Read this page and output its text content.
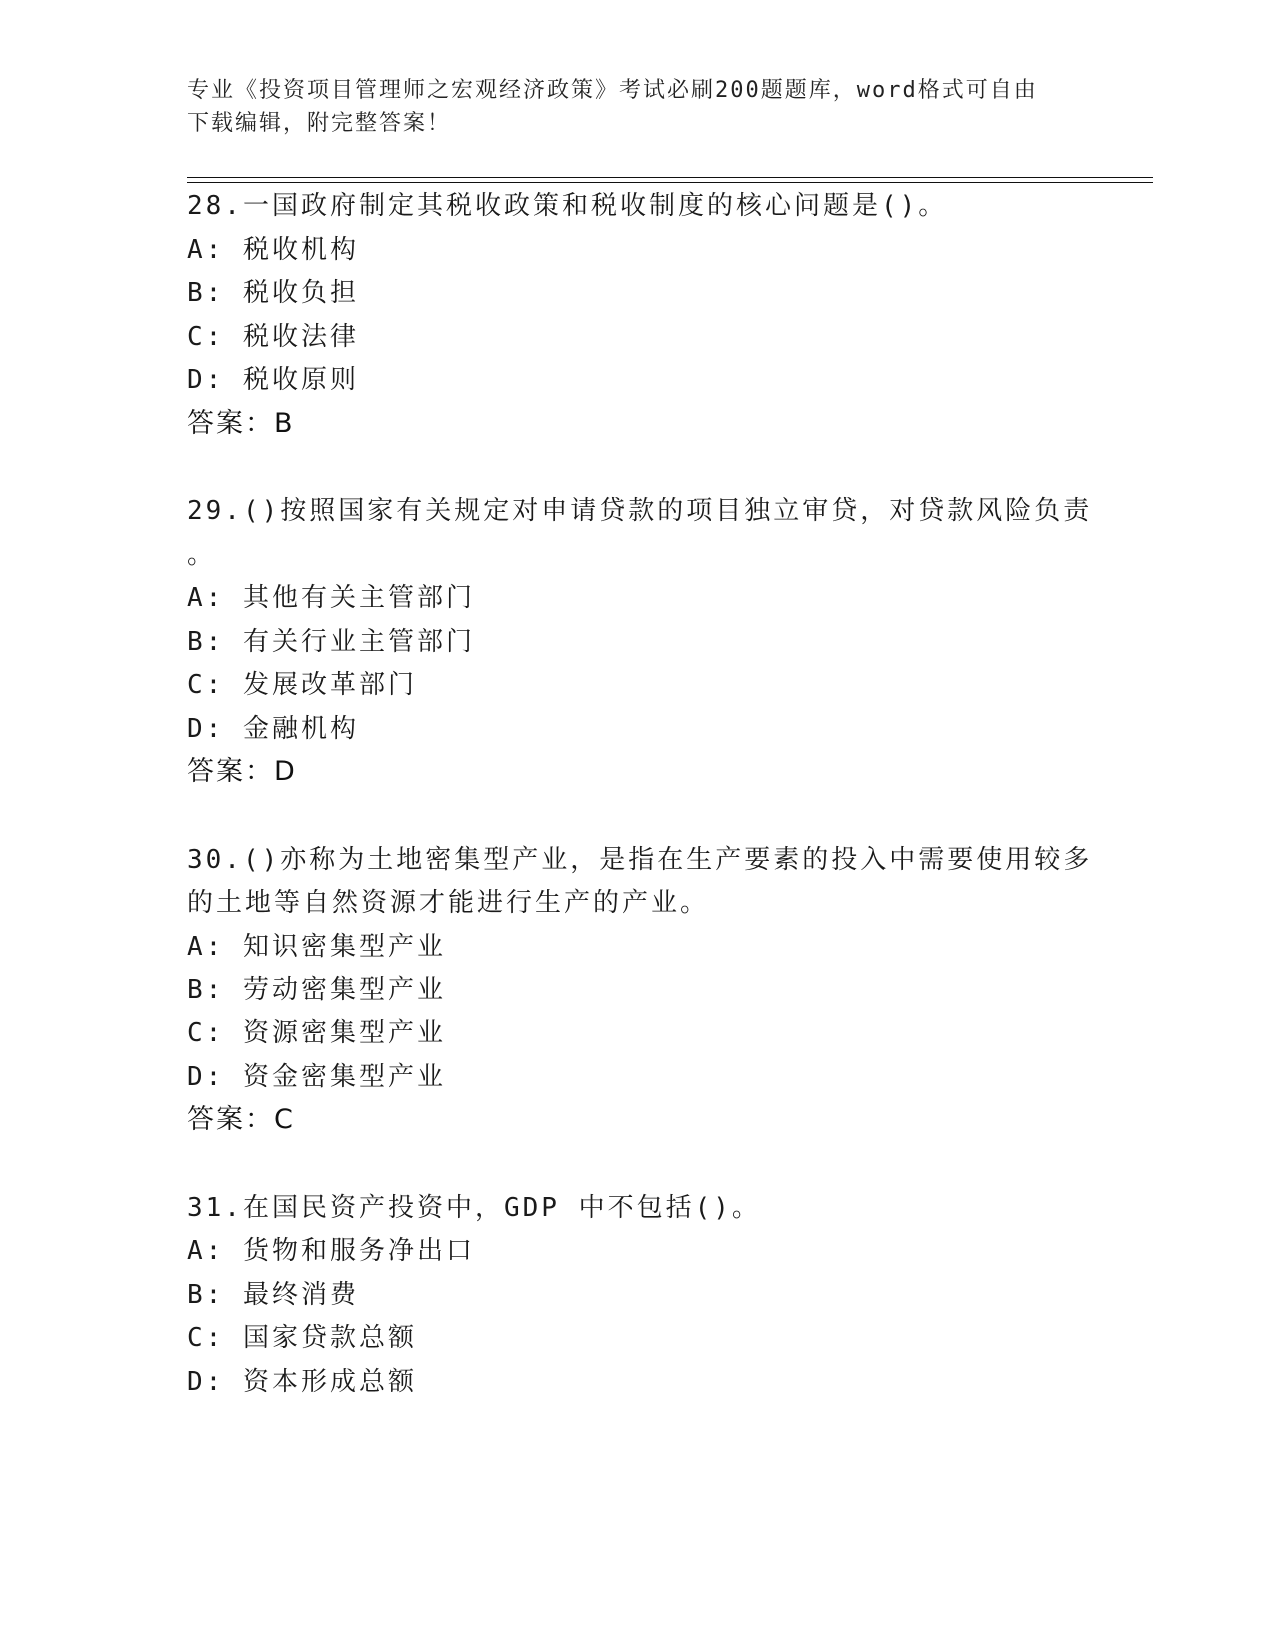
专业《投资项目管理师之宏观经济政策》考试必刷200题题库，word格式可自由
下载编辑，附完整答案！
28.一国政府制定其税收政策和税收制度的核心问题是()。
A: 税收机构
B: 税收负担
C: 税收法律
D: 税收原则
答案：B
29.()按照国家有关规定对申请贷款的项目独立审贷，对贷款风险负责
。
A: 其他有关主管部门
B: 有关行业主管部门
C: 发展改革部门
D: 金融机构
答案：D
30.()亦称为土地密集型产业，是指在生产要素的投入中需要使用较多
的土地等自然资源才能进行生产的产业。
A: 知识密集型产业
B: 劳动密集型产业
C: 资源密集型产业
D: 资金密集型产业
答案：C
31.在国民资产投资中，GDP 中不包括()。
A: 货物和服务净出口
B: 最终消费
C: 国家贷款总额
D: 资本形成总额
